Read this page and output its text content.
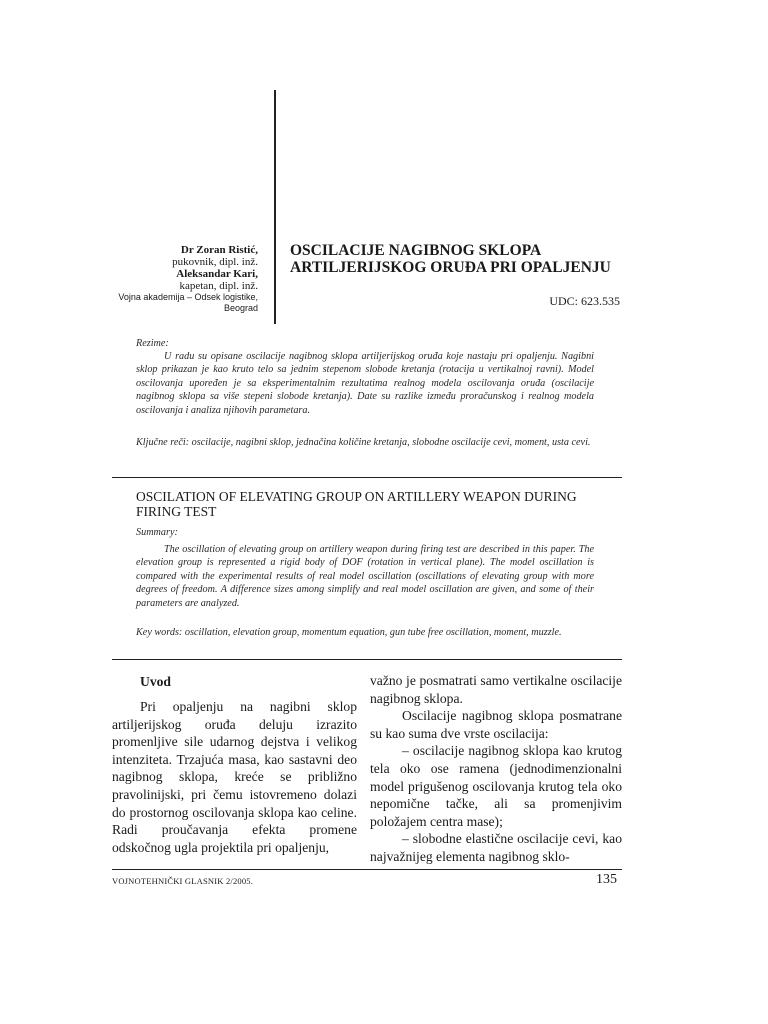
Dr Zoran Ristić,
pukovnik, dipl. inž.
Aleksandar Kari,
kapetan, dipl. inž.
Vojna akademija – Odsek logistike,
Beograd
OSCILACIJE NAGIBNOG SKLOPA
ARTILJERIJSKOG ORUĐA PRI OPALJENJU
UDC: 623.535
Rezime:

U radu su opisane oscilacije nagibnog sklopa artiljerijskog oruđa koje nastaju pri opaljenju. Nagibni sklop prikazan je kao kruto telo sa jednim stepenom slobode kretanja (rotacija u vertikalnoj ravni). Model oscilovanja upoređen je sa eksperimentalnim rezultatima realnog modela oscilovanja oruđa (oscilacije nagibnog sklopa sa više stepeni slobode kretanja). Date su razlike između proračunskog i realnog modela oscilovanja i analiza njihovih parametara.

Ključne reči: oscilacije, nagibni sklop, jednačina količine kretanja, slobodne oscilacije cevi, moment, usta cevi.
OSCILATION OF ELEVATING GROUP ON ARTILLERY WEAPON DURING FIRING TEST
Summary:

The oscillation of elevating group on artillery weapon during firing test are described in this paper. The elevation group is represented a rigid body of DOF (rotation in vertical plane). The model oscillation is compared with the experimental results of real model oscillation (oscillations of elevating group with more degrees of freedom. A difference sizes among simplify and real model oscillation are given, and some of their parameters are analyzed.

Key words: oscillation, elevation group, momentum equation, gun tube free oscillation, moment, muzzle.
Uvod

Pri opaljenju na nagibni sklop artiljerijskog oruđa deluju izrazito promenljive sile udarnog dejstva i velikog intenziteta. Trzajuća masa, kao sastavni deo nagibnog sklopa, kreće se približno pravolinijski, pri čemu istovremeno dolazi do prostornog oscilovanja sklopa kao celine. Radi proučavanja efekta promene odskočnog ugla projektila pri opaljenju,

važno je posmatrati samo vertikalne oscilacije nagibnog sklopa.

Oscilacije nagibnog sklopa posmatrane su kao suma dve vrste oscilacija:

– oscilacije nagibnog sklopa kao krutog tela oko ose ramena (jednodimenzionalni model prigušenog oscilovanja krutog tela oko nepomične tačke, ali sa promenjivim položajem centra mase);

– slobodne elastične oscilacije cevi, kao najvažnijeg elementa nagibnog sklo-

VOJNOTEHNIČKI GLASNIK 2/2005.	135
